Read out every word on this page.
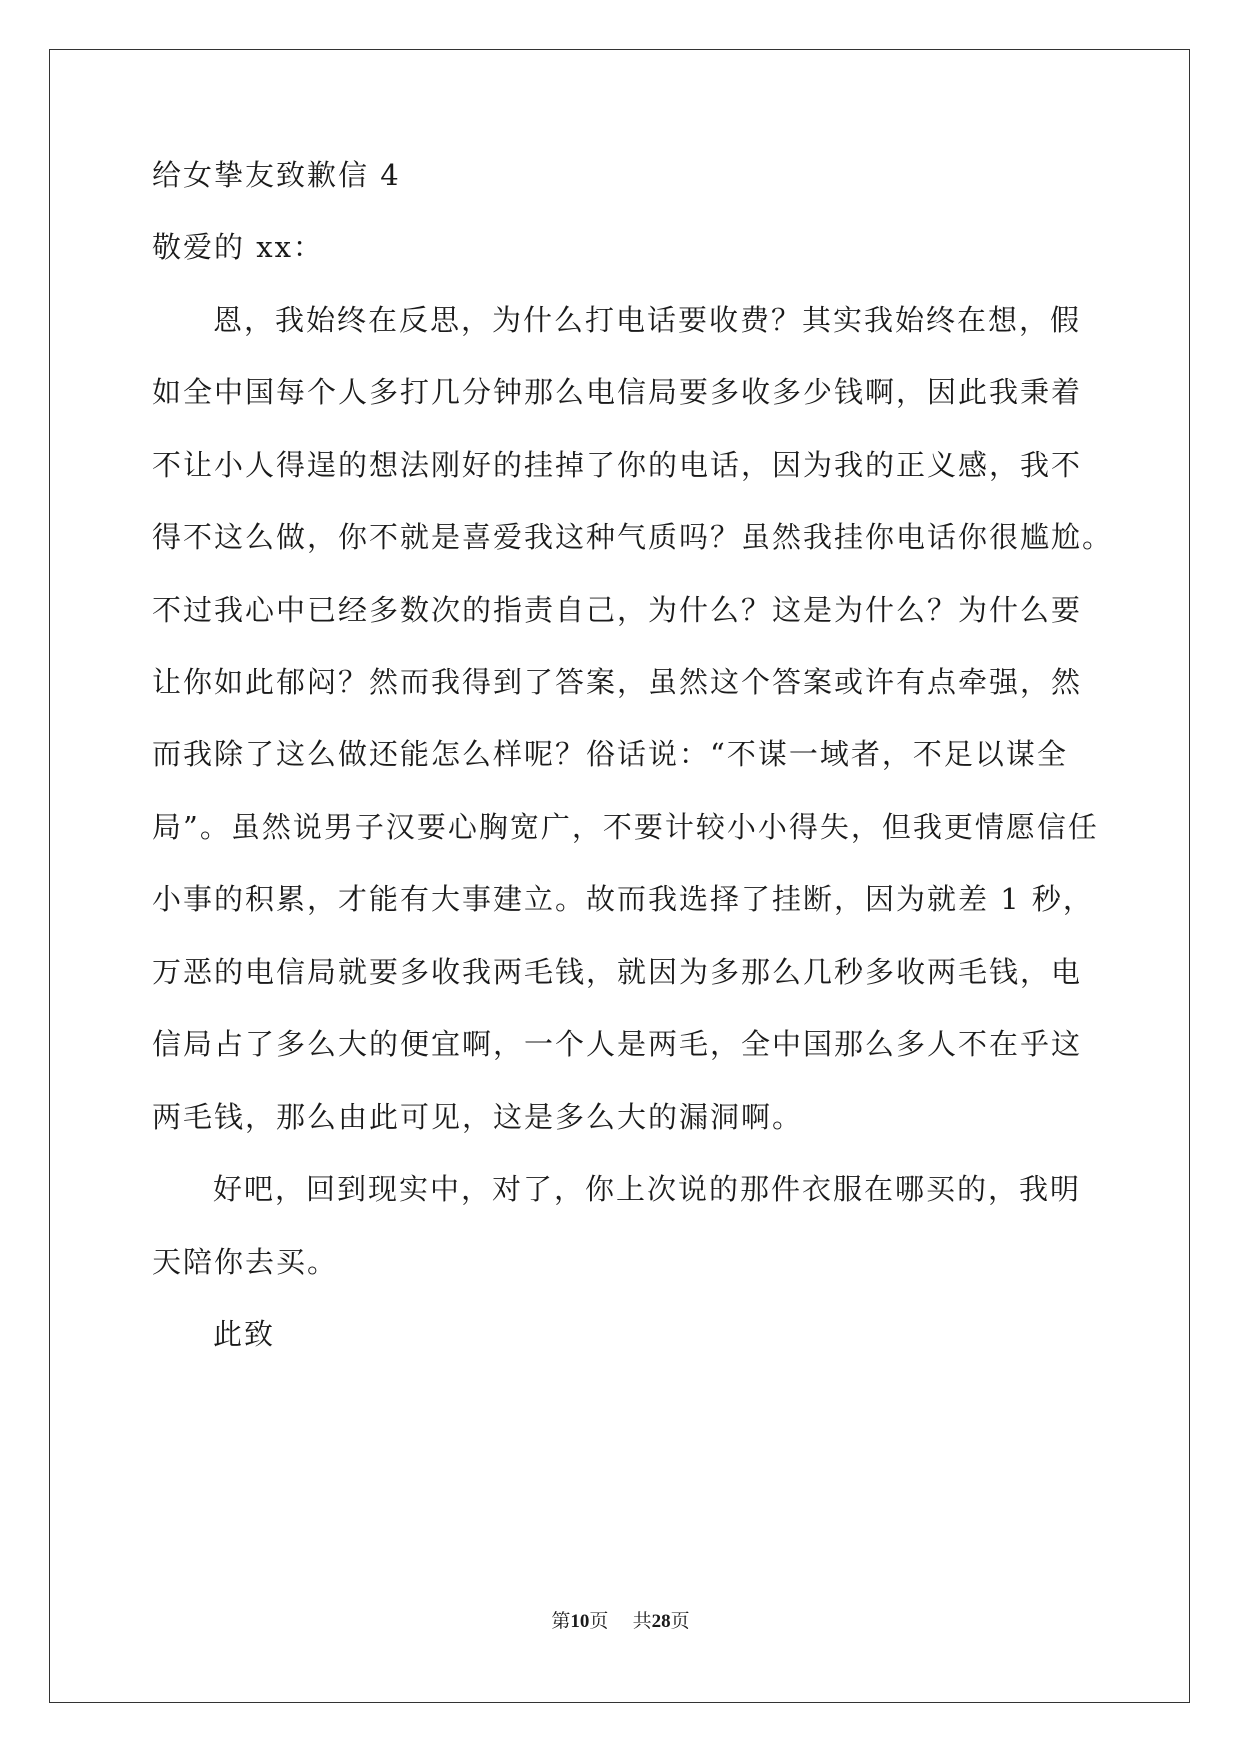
给女挚友致歉信 4
敬爱的 xx：
恩，我始终在反思，为什么打电话要收费？其实我始终在想，假
如全中国每个人多打几分钟那么电信局要多收多少钱啊，因此我秉着
不让小人得逞的想法刚好的挂掉了你的电话，因为我的正义感，我不
得不这么做，你不就是喜爱我这种气质吗？虽然我挂你电话你很尴尬。
不过我心中已经多数次的指责自己，为什么？这是为什么？为什么要
让你如此郁闷？然而我得到了答案，虽然这个答案或许有点牵强，然
而我除了这么做还能怎么样呢？俗话说：“不谋一域者，不足以谋全
局”。虽然说男子汉要心胸宽广，不要计较小小得失，但我更情愿信任
小事的积累，才能有大事建立。故而我选择了挂断，因为就差 1 秒，
万恶的电信局就要多收我两毛钱，就因为多那么几秒多收两毛钱，电
信局占了多么大的便宜啊，一个人是两毛，全中国那么多人不在乎这
两毛钱，那么由此可见，这是多么大的漏洞啊。
好吧，回到现实中，对了，你上次说的那件衣服在哪买的，我明
天陪你去买。
此致
第10页 共28页
